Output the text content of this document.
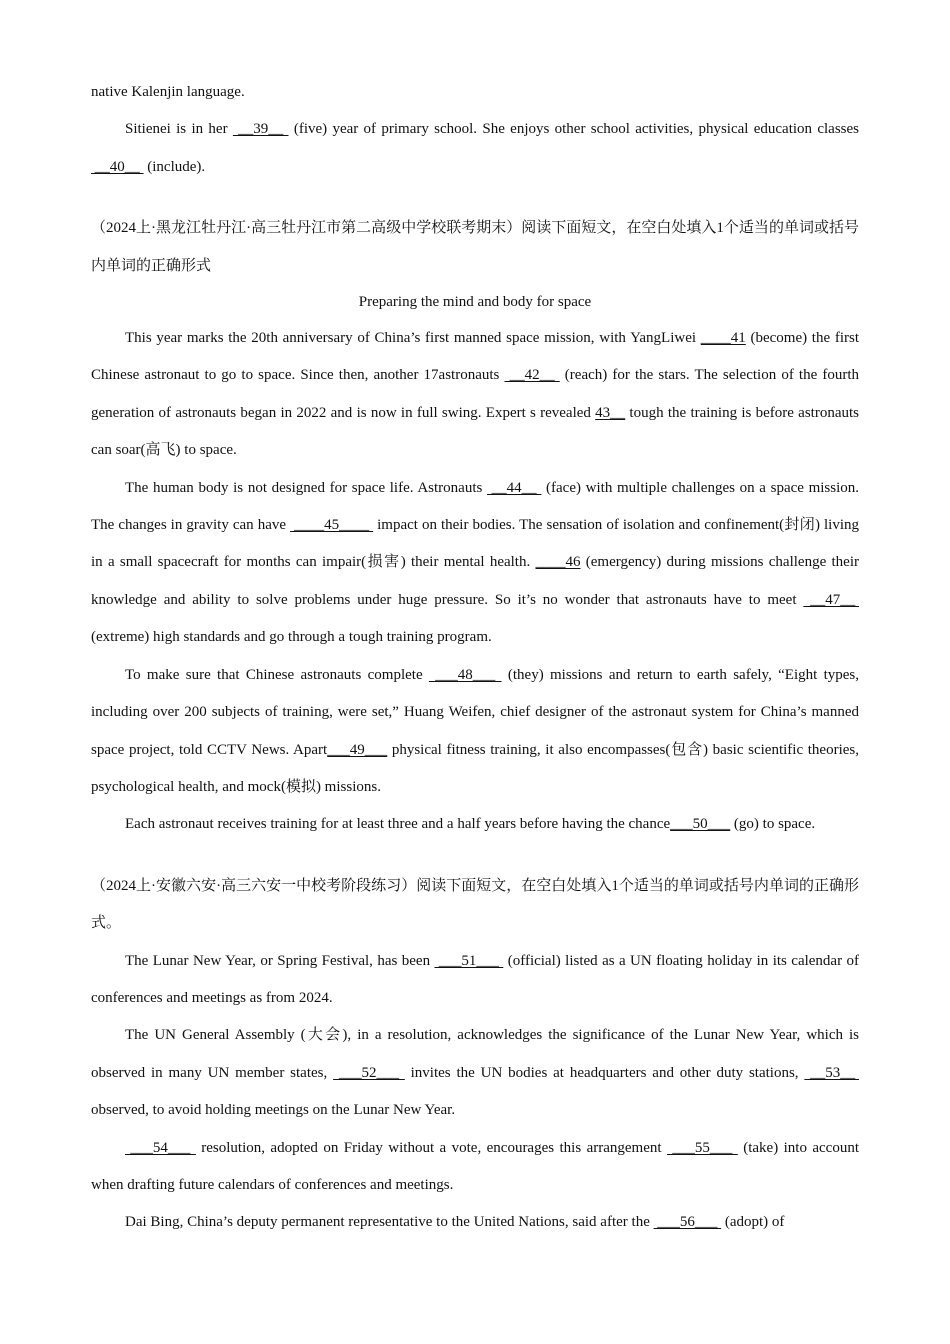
native Kalenjin language.

Sitienei is in her  __39__  (five) year of primary school. She enjoys other school activities, physical education classes  __40__  (include).

（2024上·黑龙江牡丹江·高三牡丹江市第二高级中学校联考期末）阅读下面短文，在空白处填入1个适当的单词或括号内单词的正确形式

Preparing the mind and body for space

This year marks the 20th anniversary of China’s first manned space mission, with YangLiwei ____41 (become) the first Chinese astronaut to go to space. Since then, another 17astronauts  __42__  (reach) for the stars. The selection of the fourth generation of astronauts began in 2022 and is now in full swing. Expert s revealed 43__ tough the training is before astronauts can soar(高飞) to space.

The human body is not designed for space life. Astronauts  __44__  (face) with multiple challenges on a space mission. The changes in gravity can have  ____45____  impact on their bodies. The sensation of isolation and confinement(封闭) living in a small spacecraft for months can impair(损害) their mental health. ____46 (emergency) during missions challenge their knowledge and ability to solve problems under huge pressure. So it’s no wonder that astronauts have to meet  __47__  (extreme) high standards and go through a tough training program.

To make sure that Chinese astronauts complete  ___48___  (they) missions and return to earth safely, “Eight types, including over 200 subjects of training, were set,” Huang Weifen, chief designer of the astronaut system for China’s manned space project, told CCTV News. Apart___49___ physical fitness training, it also encompasses(包含) basic scientific theories, psychological health, and mock(模拟) missions.

Each astronaut receives training for at least three and a half years before having the chance___50___ (go) to space.

（2024上·安徽六安·高三六安一中校考阶段练习）阅读下面短文，在空白处填入1个适当的单词或括号内单词的正确形式。

The Lunar New Year, or Spring Festival, has been  ___51___  (official) listed as a UN floating holiday in its calendar of conferences and meetings as from 2024.

The UN General Assembly (大会), in a resolution, acknowledges the significance of the Lunar New Year, which is observed in many UN member states,  ___52___  invites the UN bodies at headquarters and other duty stations,  __53__  observed, to avoid holding meetings on the Lunar New Year.

___54___  resolution, adopted on Friday without a vote, encourages this arrangement  ___55___  (take) into account when drafting future calendars of conferences and meetings.

Dai Bing, China’s deputy permanent representative to the United Nations, said after the  ___56___  (adopt) of
